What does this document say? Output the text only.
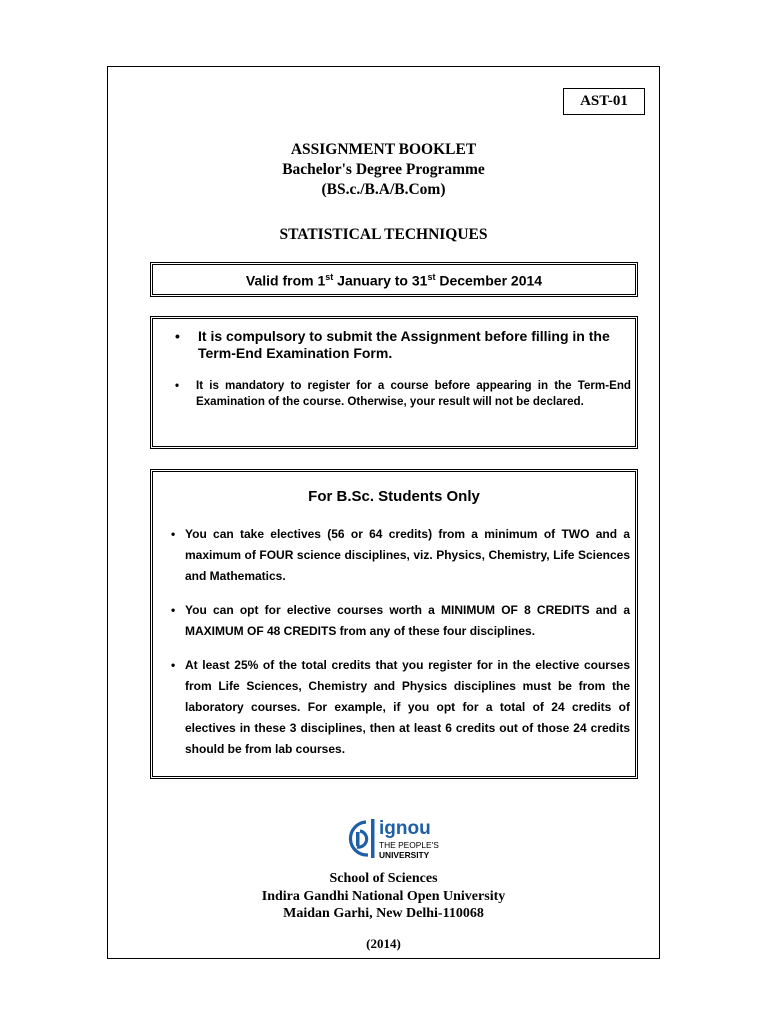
AST-01
ASSIGNMENT BOOKLET
Bachelor's Degree Programme
(BS.c./B.A/B.Com)
STATISTICAL TECHNIQUES
Valid from 1st January to 31st December 2014
•	It is compulsory to submit the Assignment before filling in the Term-End Examination Form.
•	It is mandatory to register for a course before appearing in the Term-End Examination of the course. Otherwise, your result will not be declared.
For B.Sc. Students Only
• You can take electives (56 or 64 credits) from a minimum of TWO and a maximum of FOUR science disciplines, viz. Physics, Chemistry, Life Sciences and Mathematics.
• You can opt for elective courses worth a MINIMUM OF 8 CREDITS and a MAXIMUM OF 48 CREDITS from any of these four disciplines.
• At least 25% of the total credits that you register for in the elective courses from Life Sciences, Chemistry and Physics disciplines must be from the laboratory courses. For example, if you opt for a total of 24 credits of electives in these 3 disciplines, then at least 6 credits out of those 24 credits should be from lab courses.
ignou
THE PEOPLE'S
UNIVERSITY
School of Sciences
Indira Gandhi National Open University
Maidan Garhi, New Delhi-110068
(2014)
